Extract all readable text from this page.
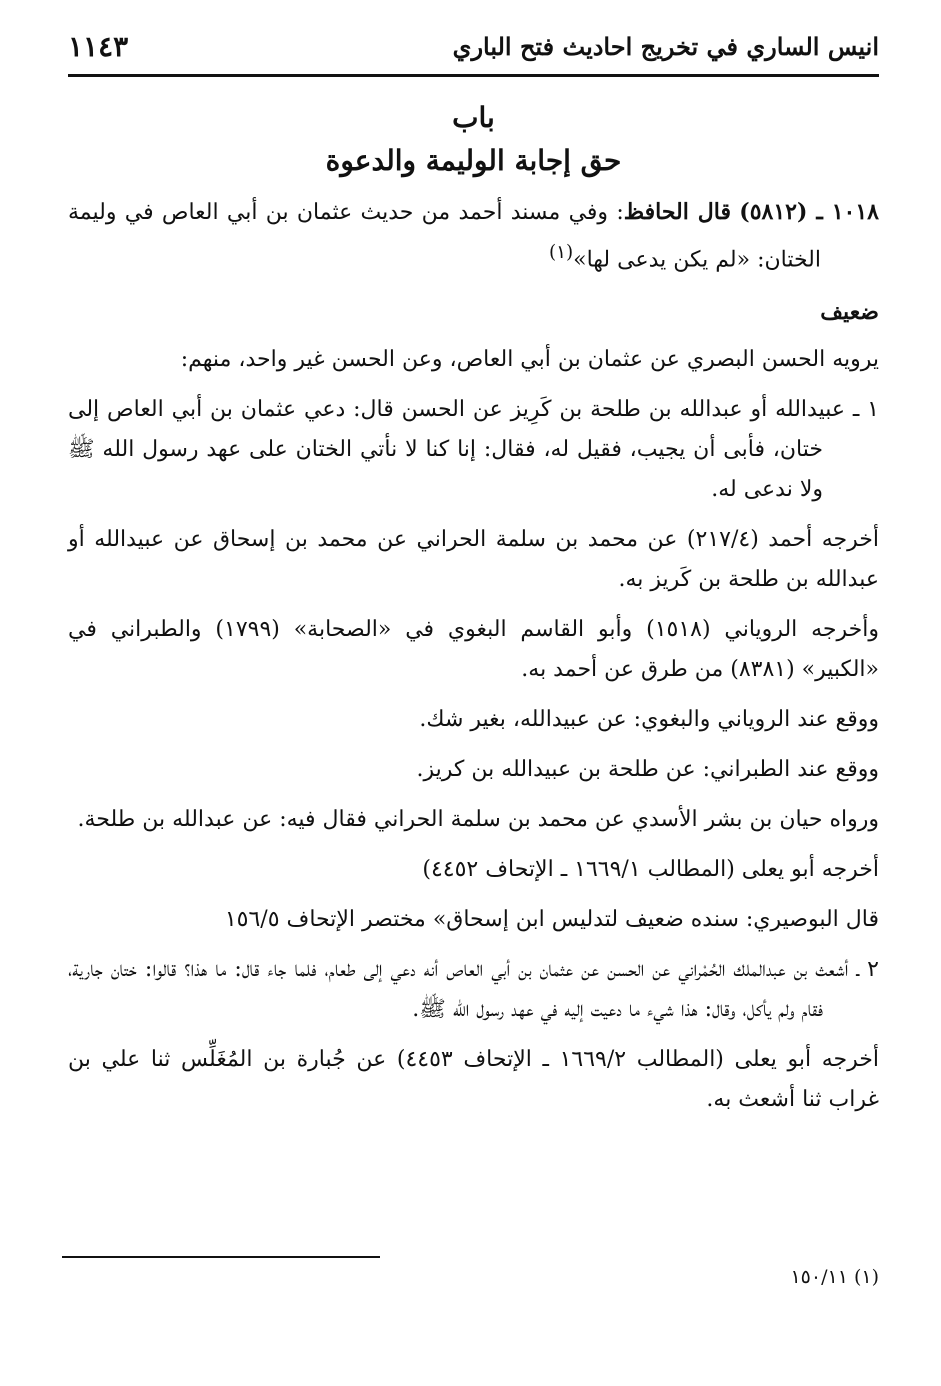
انيس الساري في تخريج احاديث فتح الباري
١١٤٣

باب

حق إجابة الوليمة والدعوة

١٠١٨ ـ (٥٨١٢) قال الحافظ: وفي مسند أحمد من حديث عثمان بن أبي العاص في وليمة الختان: «لم يكن يدعى لها»$^{(١)}$

ضعيف

يرويه الحسن البصري عن عثمان بن أبي العاص، وعن الحسن غير واحد، منهم:

١ ـ عبيدالله أو عبدالله بن طلحة بن كَرِيز عن الحسن قال: دعي عثمان بن أبي العاص إلى ختان، فأبى أن يجيب، فقيل له، فقال: إنا كنا لا نأتي الختان على عهد رسول الله ﷺ ولا ندعى له.

أخرجه أحمد (٢١٧/٤) عن محمد بن سلمة الحراني عن محمد بن إسحاق عن عبيدالله أو عبدالله بن طلحة بن كَريز به.

وأخرجه الروياني (١٥١٨) وأبو القاسم البغوي في «الصحابة» (١٧٩٩) والطبراني في «الكبير» (٨٣٨١) من طرق عن أحمد به.

ووقع عند الروياني والبغوي: عن عبيدالله، بغير شك.

ووقع عند الطبراني: عن طلحة بن عبيدالله بن كريز.

ورواه حيان بن بشر الأسدي عن محمد بن سلمة الحراني فقال فيه: عن عبدالله بن طلحة.

أخرجه أبو يعلى (المطالب ١٦٦٩/١ ـ الإتحاف ٤٤٥٢)

قال البوصيري: سنده ضعيف لتدليس ابن إسحاق» مختصر الإتحاف ١٥٦/٥

٢ ـ أشعث بن عبدالملك الحُمْراني عن الحسن عن عثمان بن أبي العاص أنه دعي إلى طعام، فلما جاء قال: ما هذا؟ قالوا: ختان جارية، فقام ولم يأكل، وقال: هذا شيء ما دعيت إليه في عهد رسول الله ﷺ.

أخرجه أبو يعلى (المطالب ١٦٦٩/٢ ـ الإتحاف ٤٤٥٣) عن جُبارة بن المُغَلِّس ثنا علي بن غراب ثنا أشعث به.

(١) ١٥٠/١١
